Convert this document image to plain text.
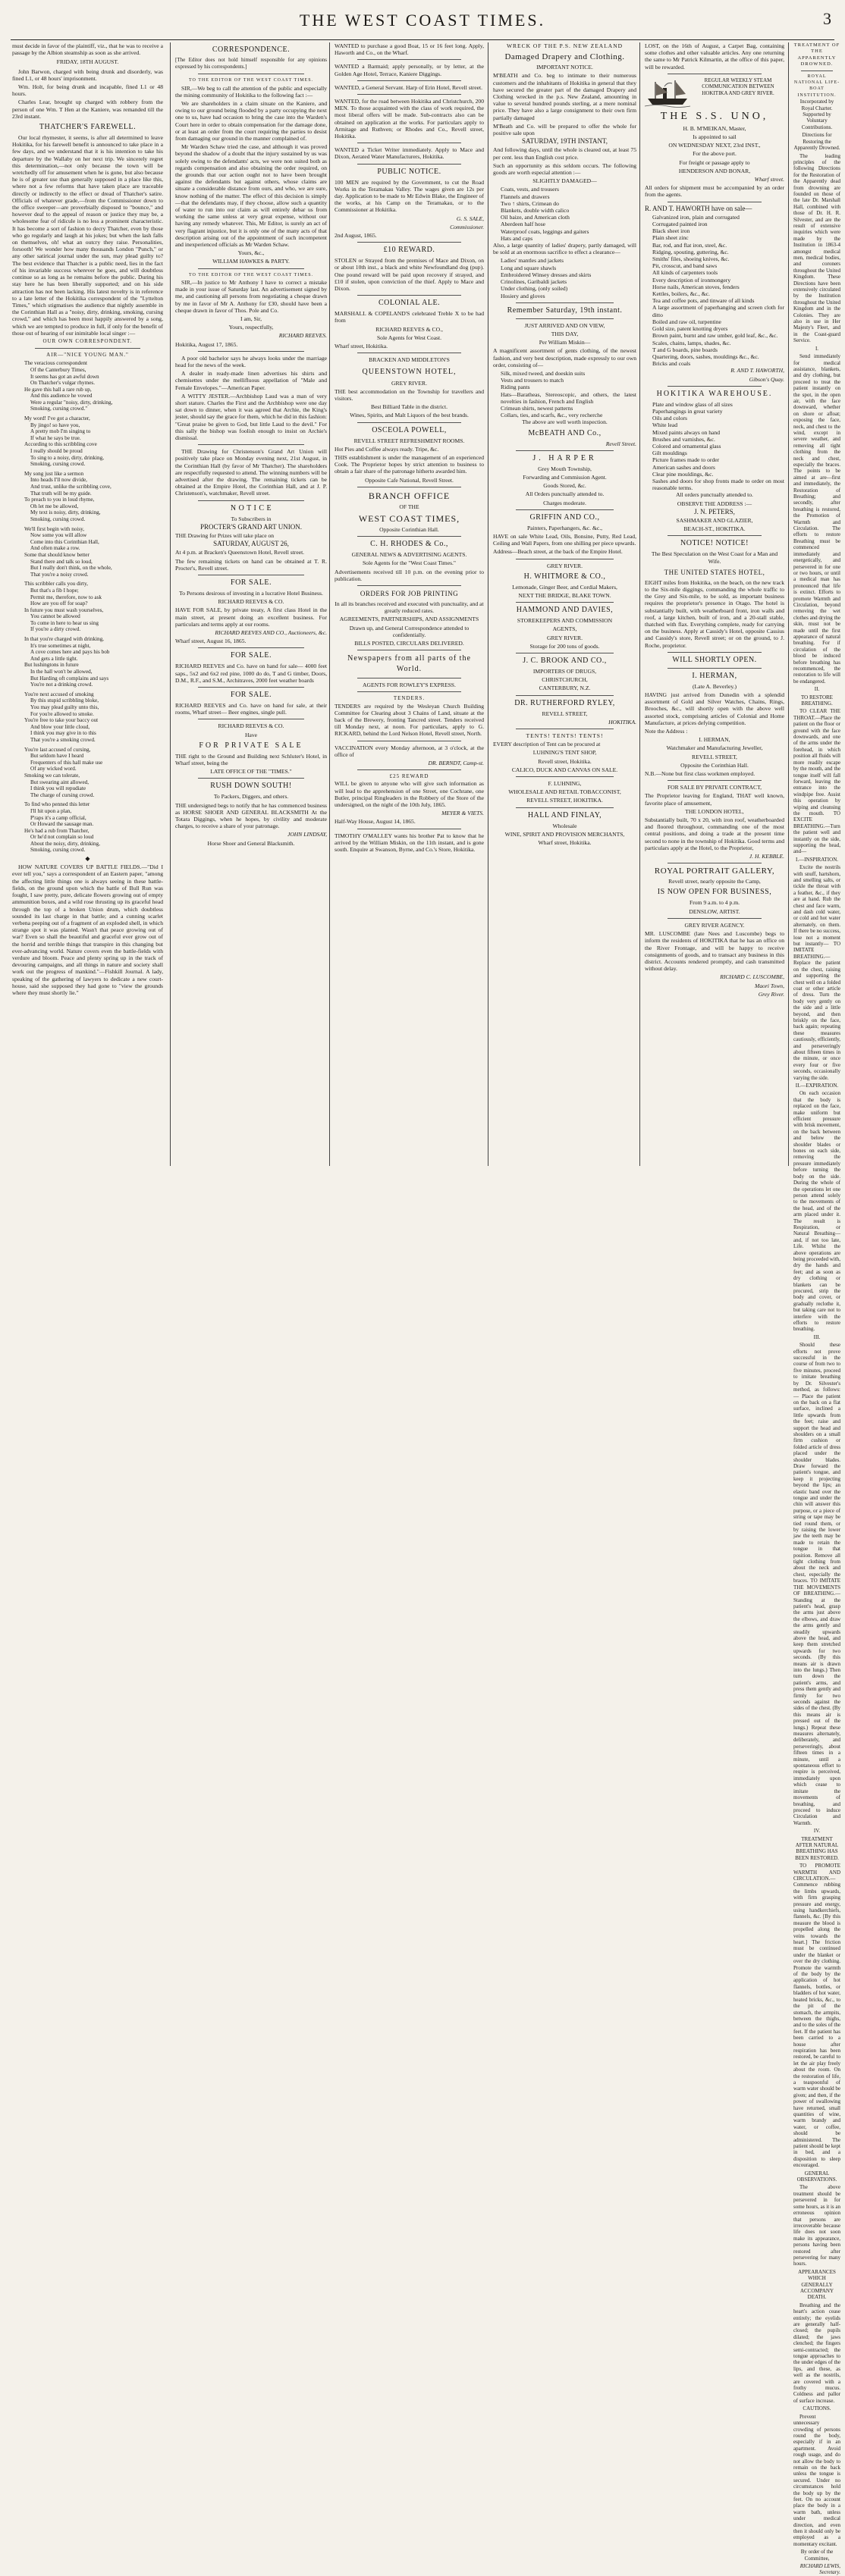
THE WEST COAST TIMES.	3

must decide in favor of the plaintiff, viz., that he was to receive a passage by the Albion steamship as soon as she arrived.

FRIDAY, 18TH AUGUST.

John Barwon, charged with being drunk and disorderly, was fined L1, or 48 hours' imprisonment.

Wm. Holt, for being drunk and incapable, fined L1 or 48 hours.

Charles Lear, brought up charged with robbery from the person of one Wm. T Hen at the Kaniere, was remanded till the 23rd instant.

THATCHER'S FAREWELL.

Our local rhymester, it seems, is after all determined to leave Hokitika, for his farewell benefit is announced to take place in a few days, and we understand that it is his intention to take his departure by the Wallaby on her next trip. We sincerely regret this determination,—not only because the town will be wretchedly off for amusement when he is gone, but also because he is of greater use than generally supposed in a place like this, where not a few reforms that have taken place are traceable directly or indirectly to the effect or dread of Thatcher's satire. Officials of whatever grade,—from the Commissioner down to the office sweeper—are proverbially disposed to "bounce," and however deaf to the appeal of reason or justice they may be, a wholesome fear of ridicule is no less a prominent characteristic. It has become a sort of fashion to decry Thatcher, even by those who go regularly and laugh at his jokes; but when the lash falls on themselves, oh! what an outcry they raise. Personalities, forsooth! We wonder how many thousands London "Punch," or any other satirical journal under the sun, may plead guilty to? The best evidence that Thatcher is a public need, lies in the fact of his invariable success wherever he goes, and will doubtless continue so as long as he remains before the public. During his stay here he has been liberally supported; and on his side attraction has not been lacking. His latest novelty is in reference to a late letter of the Hokitika correspondent of the "Lyttelton Times," which stigmatises the audience that nightly assemble in the Corinthian Hall as a "noisy, dirty, drinking, smoking, cursing crowd," and which has been most happily answered by a song, which we are tempted to produce in full, if only for the benefit of those out of hearing of our inimitable local singer :—

OUR OWN CORRESPONDENT.
AIR—"NICE YOUNG MAN."
The veracious correspondent
Of the Canterbury Times,
It seems has got an awful down
On Thatcher's vulgar rhymes.
He gave this hall a rare rub up,
And this audience he vowed
Were a regular "noisy, dirty, drinking,
Smoking, cursing crowd."
My word! I've got a character,
By jingo! so have you,
A pretty mob I'm singing to
If what he says be true.
According to this scribbling cove
I really should be proud
To sing to a noisy, dirty, drinking,
Smoking, cursing crowd.
My song just like a sermon
Into heads I'll now divide,
And trust, unlike the scribbling cove,
That truth will be my guide.
To preach to you in loud rhyme,
Oh let me be allowed,
My text is noisy, dirty, drinking,
Smoking, cursing crowd.
We'll first begin with noisy,
Now some you will allow
Come into this Corinthian Hall,
And often make a row.
Some that should know better
Stand there and talk so loud,
But I really don't think, on the whole,
That you're a noisy crowd.
This scribbler calls you dirty,
But that's a fib I hope;
Permit me, therefore, now to ask
How are you off for soap?
In future you must wash yourselves,
You cannot be allowed
To come in here to hear us sing
If you're a dirty crowd.
In that you're charged with drinking,
It's true sometimes at night,
A cove comes here and pays his bob
And gets a little tight.
But lushingtons in future
In the hall won't be allowed,
But Harding oft complains and says
You're not a drinking crowd.
You're next accused of smoking
By this stupid scribbling bloke,
You may plead guilty unto this,
For you're allowed to smoke.
You're free to take your baccy out
And blow your little cloud,
I think you may give in to this
That you're a smoking crowd.
You're last accused of cursing,
But seldom have I heard
Frequenters of this hall make use
Of any wicked word.
Smoking we can tolerate,
But swearing aint allowed,
I think you will repudiate
The charge of cursing crowd.
To find who penned this letter
I'll hit upon a plan,
P'raps it's a camp official,
Or Howard the sausage man.
He's had a rub from Thatcher,
Or he'd not complain so loud
About the noisy, dirty, drinking,
Smoking, cursing crowd.
◆

HOW NATURE COVERS UP BATTLE FIELDS.—"Did I ever tell you," says a correspondent of an Eastern paper, "among the affecting little things one is always seeing in these battle-fields, on the ground upon which the battle of Bull Run was fought, I saw pretty, pure, delicate flowers growing out of empty ammunition boxes, and a wild rose thrusting up its graceful head through the top of a broken Union drum, which doubtless sounded its last charge in that battle; and a cunning scarlet verbena peeping out of a fragment of an exploded shell, in which strange spot it was planted. Wasn't that peace growing out of war? Even so shall the beautiful and graceful ever grow out of the horrid and terrible things that transpire in this changing but ever-advancing world. Nature covers even the battle-fields with verdure and bloom. Peace and plenty spring up in the track of devouring campaigns, and all things in nature and society shall work out the progress of mankind."—Fishkill Journal. A lady, speaking of the gathering of lawyers to dedicate a new court-house, said she supposed they had gone to "view the grounds where they must shortly lie."

CORRESPONDENCE.

[The Editor does not hold himself responsible for any opinions expressed by his correspondents.]

TO THE EDITOR OF THE WEST COAST TIMES.

SIR,—We beg to call the attention of the public and especially the mining community of Hokitika to the following fact :—

We are shareholders in a claim situate on the Kaniere, and owing to our ground being flooded by a party occupying the next one to us, have had occasion to bring the case into the Warden's Court here in order to obtain compensation for the damage done, or at least an order from the court requiring the parties to desist from damaging our ground in the manner complained of.

Mr Warden Schaw tried the case, and although it was proved beyond the shadow of a doubt that the injury sustained by us was solely owing to the defendants' acts, we were non suited both as regards compensation and also obtaining the order required, on the grounds that our action ought not to have been brought against the defendants but against others, whose claims are situate a considerable distance from ours, and who, we are sure, know nothing of the matter. The effect of this decision is simply—that the defendants may, if they choose, allow such a quantity of water to run into our claim as will entirely debar us from working the same unless at very great expense, without our having any remedy whatever. This, Mr Editor, is surely an act of very flagrant injustice, but it is only one of the many acts of that description arising out of the appointment of such incompetent and inexperienced officials as Mr Warden Schaw.

Yours, &c.,

WILLIAM HAWKES & PARTY.

TO THE EDITOR OF THE WEST COAST TIMES.

SIR,—In justice to Mr Anthony I have to correct a mistake made in your issue of Saturday last. An advertisement signed by me, and cautioning all persons from negotiating a cheque drawn by me in favor of Mr A. Anthony for £30, should have been a cheque drawn in favor of Thos. Pole and Co.

I am, Sir,

Yours, respectfully,

RICHARD REEVES.

Hokitika, August 17, 1865.

A poor old bachelor says he always looks under the marriage head for the news of the week.

A dealer in ready-made linen advertises his shirts and chemisettes under the mellifluous appellation of "Male and Female Envelopes."—American Paper.

A WITTY JESTER.—Archbishop Laud was a man of very short stature. Charles the First and the Archbishop were one day sat down to dinner, when it was agreed that Archie, the King's jester, should say the grace for them, which he did in this fashion: "Great praise be given to God, but little Laud to the devil." For this sally the bishop was foolish enough to insist on Archie's dismissal.

THE Drawing for Christenson's Grand Art Union will positively take place on Monday evening next, 21st August, in the Corinthian Hall (by favor of Mr Thatcher). The shareholders are respectfully requested to attend. The winning numbers will be advertised after the drawing. The remaining tickets can be obtained at the Empire Hotel, the Corinthian Hall, and at J. P. Christenson's, watchmaker, Revell street.

N O T I C E

To Subscribers in

PROCTER'S GRAND ART UNION.

THE Drawing for Prizes will take place on

SATURDAY, AUGUST 26,

At 4 p.m. at Bracken's Queenstown Hotel, Revell street.

The few remaining tickets on hand can be obtained at T. R. Procter's, Revell street.

FOR SALE.

To Persons desirous of investing in a lucrative Hotel Business.

RICHARD REEVES & CO.

HAVE FOR SALE, by private treaty, A first class Hotel in the main street, at present doing an excellent business. For particulars and terms apply at our rooms.

RICHARD REEVES AND CO., Auctioneers, &c.

Wharf street, August 16, 1865.

FOR SALE.

RICHARD REEVES and Co. have on hand for sale— 4000 feet saps., 5x2 and 6x2 red pine, 1000 do do, T and G timber, Doors, D.M., R.F., and S.M., Architraves, 2000 feet weather boards

FOR SALE.

RICHARD REEVES and Co. have on hand for sale, at their rooms, Wharf street— Beer engines, single pull.

RICHARD REEVES & CO.

Have

FOR PRIVATE SALE

THE right to the Ground and Building next Schluter's Hotel, in Wharf street, being the

LATE OFFICE OF THE "TIMES."

RUSH DOWN SOUTH!

To Packers, Diggers, and others.

THE undersigned begs to notify that he has commenced business as HORSE SHOER AND GENERAL BLACKSMITH At the Totara Diggings, when he hopes, by civility and moderate charges, to receive a share of your patronage.

JOHN LINDSAY,

Horse Shoer and General Blacksmith.

WANTED to purchase a good Boat, 15 or 16 feet long. Apply, Haworth and Co., on the Wharf.

WANTED a Barmaid; apply personally, or by letter, at the Golden Age Hotel, Terrace, Kaniere Diggings.

WANTED, a General Servant. Harp of Erin Hotel, Revell street.

WANTED, for the road between Hokitika and Christchurch, 200 MEN. To those acquainted with the class of work required, the most liberal offers will be made. Sub-contracts also can be obtained on application at the works. For particulars apply to Armitage and Ruthven; or Rhodes and Co., Revell street, Hokitika.

WANTED a Ticket Writer immediately. Apply to Mace and Dixon, Aerated Water Manufacturers, Hokitika.

PUBLIC NOTICE.

100 MEN are required by the Government, to cut the Road Works in the Teramakau Valley. The wages given are 12s per day. Application to be made to Mr Edwin Blake, the Engineer of the works, at his Camp on the Teramakau, or to the Commissioner at Hokitika.

G. S. SALE,

Commissioner.

2nd August, 1865.

£10 REWARD.

STOLEN or Strayed from the premises of Mace and Dixon, on or about 10th inst., a black and white Newfoundland dog (pup). One pound reward will be paid upon recovery if strayed, and £10 if stolen, upon conviction of the thief. Apply to Mace and Dixon.

COLONIAL ALE.

MARSHALL & COPELAND'S celebrated Treble X to be had from

RICHARD REEVES & CO.,

Sole Agents for West Coast.

Wharf street, Hokitika.

BRACKEN AND MIDDLETON'S

QUEENSTOWN HOTEL,

GREY RIVER.

THE best accommodation on the Township for travellers and visitors.

Best Billiard Table in the district.

Wines, Spirits, and Malt Liquors of the best brands.

OSCEOLA POWELL,

REVELL STREET REFRESHMENT ROOMS.

Hot Pies and Coffee always ready. Tripe, &c.

THIS establishment is under the management of an experienced Cook. The Proprietor hopes by strict attention to business to obtain a fair share of the patronage hitherto awarded him.

Opposite Cafe National, Revell Street.

BRANCH OFFICE

OF THE

WEST COAST TIMES,

Opposite Corinthian Hall.

C. H. RHODES & Co.,

GENERAL NEWS & ADVERTISING AGENTS.

Sole Agents for the "West Coast Times."

Advertisements received till 10 p.m. on the evening prior to publication.

ORDERS FOR JOB PRINTING

In all its branches received and executed with punctuality, and at greatly reduced rates.

AGREEMENTS, PARTNERSHIPS, AND ASSIGNMENTS

Drawn up, and General Correspondence attended to confidentially.

BILLS POSTED, CIRCULARS DELIVERED.

Newspapers from all parts of the World.

AGENTS FOR ROWLEY'S EXPRESS.

TENDERS.

TENDERS are required by the Wesleyan Church Building Committee for Clearing about 3 Chains of Land, situate at the back of the Brewery, fronting Tancred street. Tenders received till Monday next, at noon. For particulars, apply to G. RICKARD, behind the Lord Nelson Hotel, Revell street, North.

VACCINATION every Monday afternoon, at 3 o'clock, at the office of

DR. BERNDT, Camp-st.

£25 REWARD

WILL be given to anyone who will give such information as will lead to the apprehension of one Street, one Cochrane, one Butler, principal Ringleaders in the Robbery of the Store of the undersigned, on the night of the 10th July, 1865.

MEYER & VIETS.

Half-Way House, August 14, 1865.

TIMOTHY O'MALLEY wants his brother Pat to know that he arrived by the William Miskin, on the 11th instant, and is gone south. Enquire at Swanson, Byrne, and Co.'s Store, Hokitika.

WRECK OF THE P.S. NEW ZEALAND
Damaged Drapery and Clothing.

IMPORTANT NOTICE.

M'BEATH and Co. beg to intimate to their numerous customers and the inhabitants of Hokitika in general that they have secured the greater part of the damaged Drapery and Clothing wrecked in the p.s. New Zealand, amounting in value to several hundred pounds sterling, at a mere nominal price. They have also a large consignment to their own firm partially damaged

M'Beath and Co. will be prepared to offer the whole for positive sale upon

SATURDAY, 19TH INSTANT,

And following days, until the whole is cleared out, at least 75 per cent. less than English cost price.

Such an opportunity as this seldom occurs. The following goods are worth especial attention :—

SLIGHTLY DAMAGED—

Coats, vests, and trousers
Flannels and drawers
Two ↑ shirts, Crimean do
Blankets, double width calico
Oil baize, and American cloth
Aberdeen half hose
Waterproof coats, leggings and gaiters
Hats and caps

Also, a large quantity of ladies' drapery, partly damaged, will be sold at an enormous sacrifice to effect a clearance—

Ladies' mantles and jackets
Long and square shawls
Embroidered Winsey dresses and skirts
Crinolines, Garibaldi jackets
Under clothing, (only soiled)
Hosiery and gloves
Remember Saturday, 19th instant.

JUST ARRIVED AND ON VIEW,

THIS DAY,

Per William Miskin—

A magnificent assortment of gents clothing, of the newest fashion, and very best description, made expressly to our own order, consisting of—

Silk, mixed tweed, and doeskin suits
Vests and trousers to match
Riding pants
Hats—Baratheas, Stereoscopic, and others, the latest novelties in fashion, French and English
Crimean shirts, newest patterns
Collars, ties, and scarfs, &c., very recherche

The above are well worth inspection.

McBEATH AND Co.,

Revell Street.

J. HARPER

Grey Mouth Township,

Forwarding and Commission Agent.

Goods Stored, &c.

All Orders punctually attended to.

Charges moderate.

GRIFFIN AND CO.,

Painters, Paperhangers, &c. &c.,

HAVE on sale White Lead, Oils, Bonsine, Putty, Red Lead, Ceiling and Wall Papers, from one shilling per piece upwards.

Address—Beach street, at the back of the Empire Hotel.

GREY RIVER.

H. WHITMORE & CO.,

Lemonade, Ginger Beer, and Cordial Makers,

NEXT THE BRIDGE, BLAKE TOWN.

HAMMOND AND DAVIES,

STOREKEEPERS AND COMMISSION

AGENTS,

GREY RIVER.

Storage for 200 tons of goods.

J. C. BROOK AND CO.,

IMPORTERS OF DRUGS,

CHRISTCHURCH,

CANTERBURY, N.Z.

DR. RUTHERFORD RYLEY,

REVELL STREET,

HOKITIKA.

TENTS! TENTS! TENTS!

EVERY description of Tent can be procured at

LUHNING'S TENT SHOP,

Revell street, Hokitika.

CALICO, DUCK AND CANVAS ON SALE.

F. LUHNING,

WHOLESALE AND RETAIL TOBACCONIST,

REVELL STREET, HOKITIKA.

HALL AND FINLAY,

Wholesale

WINE, SPIRIT AND PROVISION MERCHANTS,

Wharf street, Hokitika.

LOST, on the 16th of August, a Carpet Bag, containing some clothes and other valuable articles. Any one returning the same to Mr Patrick Kilmartin, at the office of this paper, will be rewarded.

REGULAR WEEKLY STEAM COMMUNICATION BETWEEN HOKITIKA AND GREY RIVER.
THE S.S. UNO,

H. B. M'MEIKAN, Master,

Is appointed to sail

ON WEDNESDAY NEXT, 23rd INST.,

For the above port.

For freight or passage apply to

HENDERSON AND BONAR,

Wharf street.

All orders for shipment must be accompanied by an order from the agents.

R. AND T. HAWORTH have on sale—

Galvanized iron, plain and corrugated
Corrugated painted iron
Black sheet iron
Plain sheet zinc
Bar, rod, and flat iron, steel, &c.
Ridging, spouting, guttering, &c.
Smiths' files, shoeing knives, &c.
Pit, crosscut, and band saws
All kinds of carpenters tools
Every description of ironmongery
Horse nails, American stoves, fenders
Kettles, boilers, &c., &c.
Tea and coffee pots, and tinware of all kinds
A large assortment of paperhanging and screen cloth for ditto
Boiled and raw oil, turpentine
Gold size, patent knotting dryers
Brown paint, burnt and raw umber, gold leaf, &c., &c.
Scales, chains, lamps, shades, &c.
T and G boards, pine boards
Quartering, doors, sashes, mouldings &c., &c.
Bricks and coals

R. AND T. HAWORTH,

Gibson's Quay.

HOKITIKA WAREHOUSE.
Plate and window glass of all sizes
Paperhangings in great variety
Oils and colors
White lead
Mixed paints always on hand
Brushes and varnishes, &c.
Colored and ornamental glass
Gilt mouldings
Picture frames made to order
American sashes and doors
Clear pine mouldings, &c.
Sashes and doors for shop fronts made to order on most reasonable terms.

All orders punctually attended to.

OBSERVE THE ADDRESS :—

J. N. PETERS,

SASHMAKER AND GLAZIER,

BEACH-ST., HOKITIKA.

NOTICE! NOTICE!

The Best Speculation on the West Coast for a Man and Wife.

THE UNITED STATES HOTEL,

EIGHT miles from Hokitika, on the beach, on the new track to the Six-mile diggings, commanding the whole traffic to the Grey and Six-mile, to be sold, as important business requires the proprietor's presence in Otago. The hotel is substantially built, with weatherboard front, iron walls and roof, a large kitchen, built of iron, and a 20-stall stable, thatched with flax. Everything complete, ready for carrying on the business. Apply at Cassidy's Hotel, opposite Cassius and Cassidy's store, Revell street; or on the ground, to J. Roche, proprietor.

WILL SHORTLY OPEN.
I. HERMAN,

(Late A. Beverley.)

HAVING just arrived from Dunedin with a splendid assortment of Gold and Silver Watches, Chains, Rings, Brooches, &c., will shortly open with the above well assorted stock, comprising articles of Colonial and Home Manufacture, at prices defying competition.

Note the Address :

I. HERMAN,

Watchmaker and Manufacturing Jeweller,

REVELL STREET,

Opposite the Corinthian Hall.

N.B.—None but first class workmen employed.

FOR SALE BY PRIVATE CONTRACT,

The Proprietor leaving for England, THAT well known, favorite place of amusement,

THE LONDON HOTEL,

Substantially built, 70 x 20, with iron roof, weatherboarded and floored throughout, commanding one of the most central positions, and doing a trade at the present time second to none in the township of Hokitika. Good terms and particulars apply at the Hotel, to the Proprietor,

J. H. KEBBLE.

ROYAL PORTRAIT GALLERY,

Revell street, nearly opposite the Camp,

IS NOW OPEN FOR BUSINESS,

From 9 a.m. to 4 p.m.

DENSLOW, ARTIST.

GREY RIVER AGENCY.

MR. LUSCOMBE (late Nees and Luscombe) begs to inform the residents of HOKITIKA that he has an office on the River Frontage, and will be happy to receive consignments of goods, and to transact any business in this district. Accounts rendered promptly, and cash transmitted without delay.

RICHARD C. LUSCOMBE,

Maori Town,

Grey River.

TREATMENT OF THE APPARENTLY DROWNED.
ROYAL NATIONAL LIFE-BOAT INSTITUTION.

Incorporated by Royal Charter. Supported by Voluntary Contributions.

Directions for Restoring the Apparently Drowned.

The leading principles of the following Directions for the Restoration of the Apparently dead from drowning are founded on those of the late Dr. Marshall Hall, combined with those of Dr. H. R. Silvester, and are the result of extensive inquiries which were made by the Institution in 1863-4 amongst medical men, medical bodies, and coroners throughout the United Kingdom. These Directions have been extensively circulated by the Institution throughout the United Kingdom and in the Colonies. They are also in use in Her Majesty's Fleet, and in the Coast-guard Service.

I.

Send immediately for medical assistance, blankets, and dry clothing, but proceed to treat the patient instantly on the spot, in the open air, with the face downward, whether on shore or afloat; exposing the face, neck, and chest to the wind, except in severe weather, and removing all tight clothing from the neck and chest, especially the braces. The points to be aimed at are—first and immediately, the Restoration of Breathing; and secondly, after breathing is restored, the Promotion of Warmth and Circulation. The efforts to restore Breathing must be commenced immediately and energetically, and persevered in for one or two hours, or until a medical man has pronounced that life is extinct. Efforts to promote Warmth and Circulation, beyond removing the wet clothes and drying the skin, must not be made until the first appearance of natural breathing. For if circulation of the blood be induced before breathing has recommenced, the restoration to life will be endangered.

II.

TO RESTORE BREATHING.

TO CLEAR THE THROAT.—Place the patient on the floor or ground with the face downwards, and one of the arms under the forehead, in which position all fluids will more readily escape by the mouth, and the tongue itself will fall forward, leaving the entrance into the windpipe free. Assist this operation by wiping and cleansing the mouth. TO EXCITE BREATHING.—Turn the patient well and instantly on the side, supporting the head, and—

I.—INSPIRATION.

Excite the nostrils with snuff, hartshorn, and smelling salts, or tickle the throat with a feather, &c., if they are at hand. Rub the chest and face warm, and dash cold water, or cold and hot water alternately, on them. If there be no success, lose not a moment but instantly— TO IMITATE BREATHING.—Replace the patient on the chest, raising and supporting the chest well on a folded coat or other article of dress. Turn the body very gently on the side and a little beyond, and then briskly on the face, back again; repeating these measures cautiously, efficiently, and perseveringly about fifteen times in the minute, or once every four or five seconds, occasionally varying the side.

II.—EXPIRATION.

On each occasion that the body is replaced on the face, make uniform but efficient pressure with brisk movement, on the back between and below the shoulder blades or bones on each side, removing the pressure immediately before turning the body on the side. During the whole of the operations let one person attend solely to the movements of the head, and of the arm placed under it. The result is Respiration, or Natural Breathing—and, if not too late, Life. Whilst the above operations are being proceeded with, dry the hands and feet; and as soon as dry clothing or blankets can be procured, strip the body and cover, or gradually reclothe it, but taking care not to interfere with the efforts to restore breathing.

III.

Should these efforts not prove successful in the course of from two to five minutes, proceed to imitate breathing by Dr. Silvester's method, as follows:— Place the patient on the back on a flat surface, inclined a little upwards from the feet; raise and support the head and shoulders on a small firm cushion or folded article of dress placed under the shoulder blades. Draw forward the patient's tongue, and keep it projecting beyond the lips; an elastic band over the tongue and under the chin will answer this purpose, or a piece of string or tape may be tied round them, or by raising the lower jaw the teeth may be made to retain the tongue in that position. Remove all tight clothing from about the neck and chest, especially the braces. TO IMITATE THE MOVEMENTS OF BREATHING.—Standing at the patient's head, grasp the arms just above the elbows, and draw the arms gently and steadily upwards above the head, and keep them stretched upwards for two seconds. (By this means air is drawn into the lungs.) Then turn down the patient's arms, and press them gently and firmly for two seconds against the sides of the chest. (By this means air is pressed out of the lungs.) Repeat these measures alternately, deliberately, and perseveringly, about fifteen times in a minute, until a spontaneous effort to respire is perceived, immediately upon which cease to imitate the movements of breathing, and proceed to induce Circulation and Warmth.

IV.

TREATMENT AFTER NATURAL BREATHING HAS BEEN RESTORED.

TO PROMOTE WARMTH AND CIRCULATION.—Commence rubbing the limbs upwards, with firm grasping pressure and energy, using handkerchiefs, flannels, &c. [By this measure the blood is propelled along the veins towards the heart.] The friction must be continued under the blanket or over the dry clothing. Promote the warmth of the body by the application of hot flannels, bottles, or bladders of hot water, heated bricks, &c., to the pit of the stomach, the armpits, between the thighs, and to the soles of the feet. If the patient has been carried to a house after respiration has been restored, be careful to let the air play freely about the room. On the restoration of life, a teaspoonful of warm water should be given; and then, if the power of swallowing have returned, small quantities of wine, warm brandy and water, or coffee, should be administered. The patient should be kept in bed, and a disposition to sleep encouraged.

GENERAL OBSERVATIONS.

The above treatment should be persevered in for some hours, as it is an erroneous opinion that persons are irrecoverable because life does not soon make its appearance, persons having been restored after persevering for many hours.

APPEARANCES WHICH GENERALLY ACCOMPANY DEATH.

Breathing and the heart's action cease entirely; the eyelids are generally half-closed; the pupils dilated; the jaws clenched; the fingers semi-contracted; the tongue approaches to the under edges of the lips, and these, as well as the nostrils, are covered with a frothy mucus. Coldness and pallor of surface increase.

CAUTIONS.

Prevent unnecessary crowding of persons round the body, especially if in an apartment. Avoid rough usage, and do not allow the body to remain on the back unless the tongue is secured. Under no circumstances hold the body up by the feet. On no account place the body in a warm bath, unless under medical direction, and even then it should only be employed as a momentary excitant.

By order of the Committee,

RICHARD LEWIS, Secretary.
